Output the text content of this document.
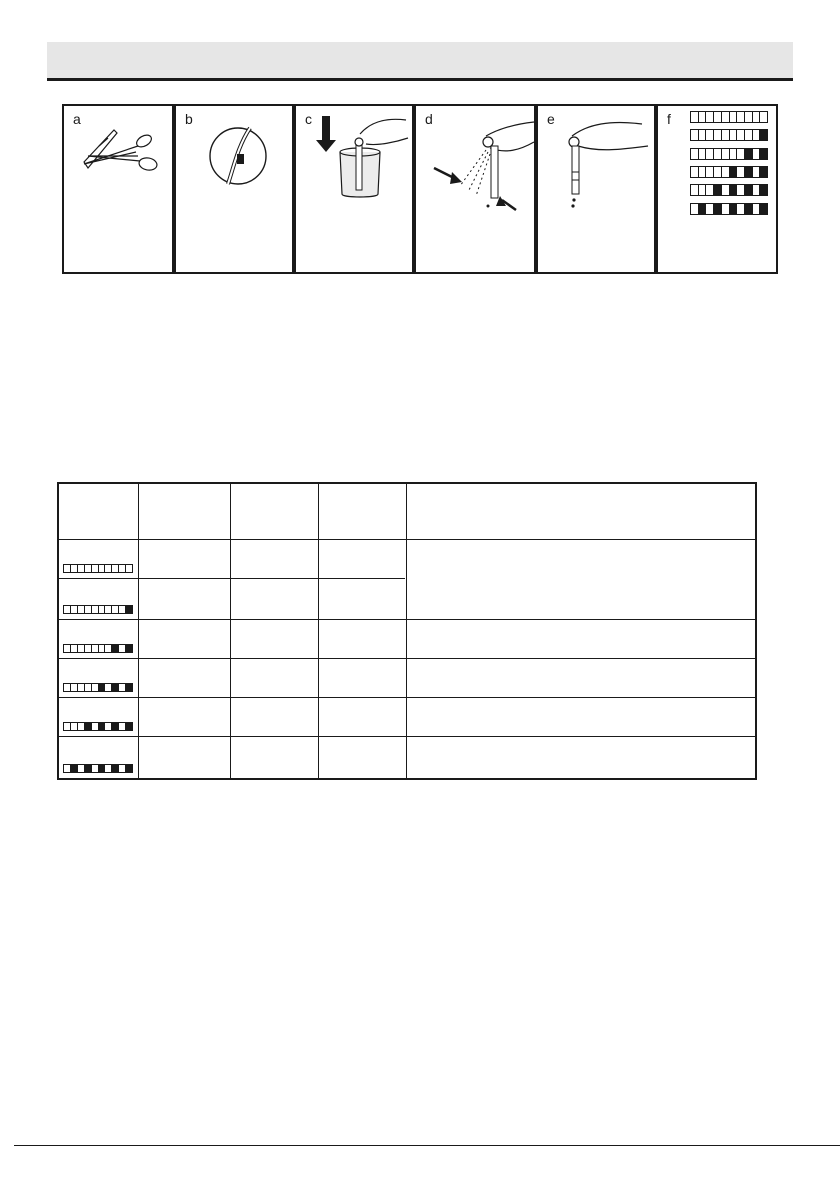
a	b	c	d	e	f
